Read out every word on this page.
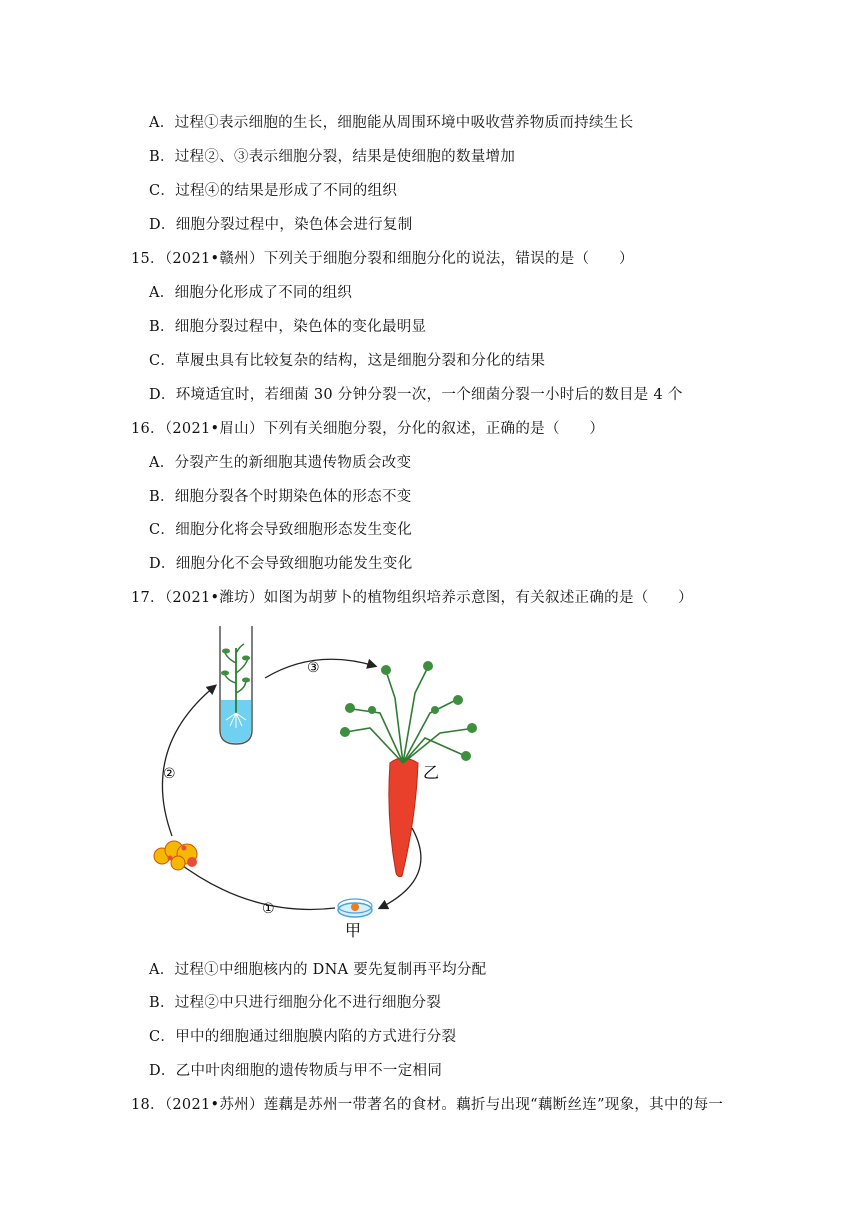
A．过程①表示细胞的生长，细胞能从周围环境中吸收营养物质而持续生长
B．过程②、③表示细胞分裂，结果是使细胞的数量增加
C．过程④的结果是形成了不同的组织
D．细胞分裂过程中，染色体会进行复制
15．（2021•赣州）下列关于细胞分裂和细胞分化的说法，错误的是（　　）
A．细胞分化形成了不同的组织
B．细胞分裂过程中，染色体的变化最明显
C．草履虫具有比较复杂的结构，这是细胞分裂和分化的结果
D．环境适宜时，若细菌 30 分钟分裂一次，一个细菌分裂一小时后的数目是 4 个
16．（2021•眉山）下列有关细胞分裂，分化的叙述，正确的是（　　）
A．分裂产生的新细胞其遗传物质会改变
B．细胞分裂各个时期染色体的形态不变
C．细胞分化将会导致细胞形态发生变化
D．细胞分化不会导致细胞功能发生变化
17．（2021•潍坊）如图为胡萝卜的植物组织培养示意图，有关叙述正确的是（　　）
③
乙
甲
①
②
A．过程①中细胞核内的 DNA 要先复制再平均分配
B．过程②中只进行细胞分化不进行细胞分裂
C．甲中的细胞通过细胞膜内陷的方式进行分裂
D．乙中叶肉细胞的遗传物质与甲不一定相同
18．（2021•苏州）莲藕是苏州一带著名的食材。藕折与出现“藕断丝连”现象，其中的每一
